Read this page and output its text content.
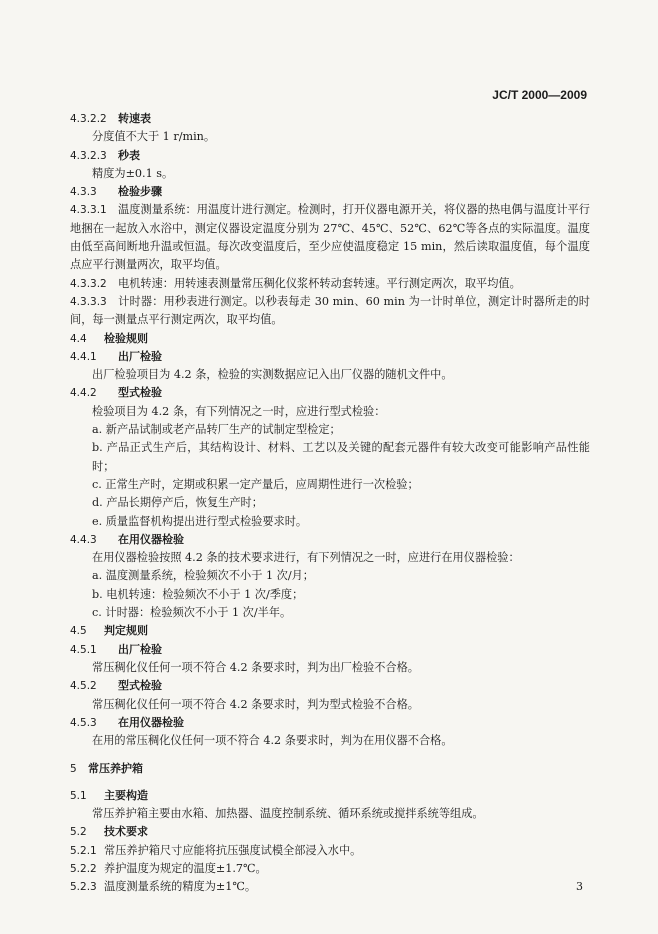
JC/T 2000—2009
4.3.2.2 转速表
分度值不大于 1 r/min。
4.3.2.3 秒表
精度为±0.1 s。
4.3.3 检验步骤
4.3.3.1 温度测量系统：用温度计进行测定。检测时，打开仪器电源开关，将仪器的热电偶与温度计平行地捆在一起放入水浴中，测定仪器设定温度分别为 27℃、45℃、52℃、62℃等各点的实际温度。温度由低至高间断地升温或恒温。每次改变温度后，至少应使温度稳定 15 min，然后读取温度值，每个温度点应平行测量两次，取平均值。
4.3.3.2 电机转速：用转速表测量常压稠化仪浆杯转动套转速。平行测定两次，取平均值。
4.3.3.3 计时器：用秒表进行测定。以秒表每走 30 min、60 min 为一计时单位，测定计时器所走的时间，每一测量点平行测定两次，取平均值。
4.4 检验规则
4.4.1 出厂检验
出厂检验项目为 4.2 条，检验的实测数据应记入出厂仪器的随机文件中。
4.4.2 型式检验
检验项目为 4.2 条，有下列情况之一时，应进行型式检验：
a. 新产品试制或老产品转厂生产的试制定型检定；
b. 产品正式生产后，其结构设计、材料、工艺以及关键的配套元器件有较大改变可能影响产品性能时；
c. 正常生产时，定期或积累一定产量后，应周期性进行一次检验；
d. 产品长期停产后，恢复生产时；
e. 质量监督机构提出进行型式检验要求时。
4.4.3 在用仪器检验
在用仪器检验按照 4.2 条的技术要求进行，有下列情况之一时，应进行在用仪器检验：
a. 温度测量系统，检验频次不小于 1 次/月；
b. 电机转速：检验频次不小于 1 次/季度；
c. 计时器：检验频次不小于 1 次/半年。
4.5 判定规则
4.5.1 出厂检验
常压稠化仪任何一项不符合 4.2 条要求时，判为出厂检验不合格。
4.5.2 型式检验
常压稠化仪任何一项不符合 4.2 条要求时，判为型式检验不合格。
4.5.3 在用仪器检验
在用的常压稠化仪任何一项不符合 4.2 条要求时，判为在用仪器不合格。
5 常压养护箱
5.1 主要构造
常压养护箱主要由水箱、加热器、温度控制系统、循环系统或搅拌系统等组成。
5.2 技术要求
5.2.1 常压养护箱尺寸应能将抗压强度试模全部浸入水中。
5.2.2 养护温度为规定的温度±1.7℃。
5.2.3 温度测量系统的精度为±1℃。	3
